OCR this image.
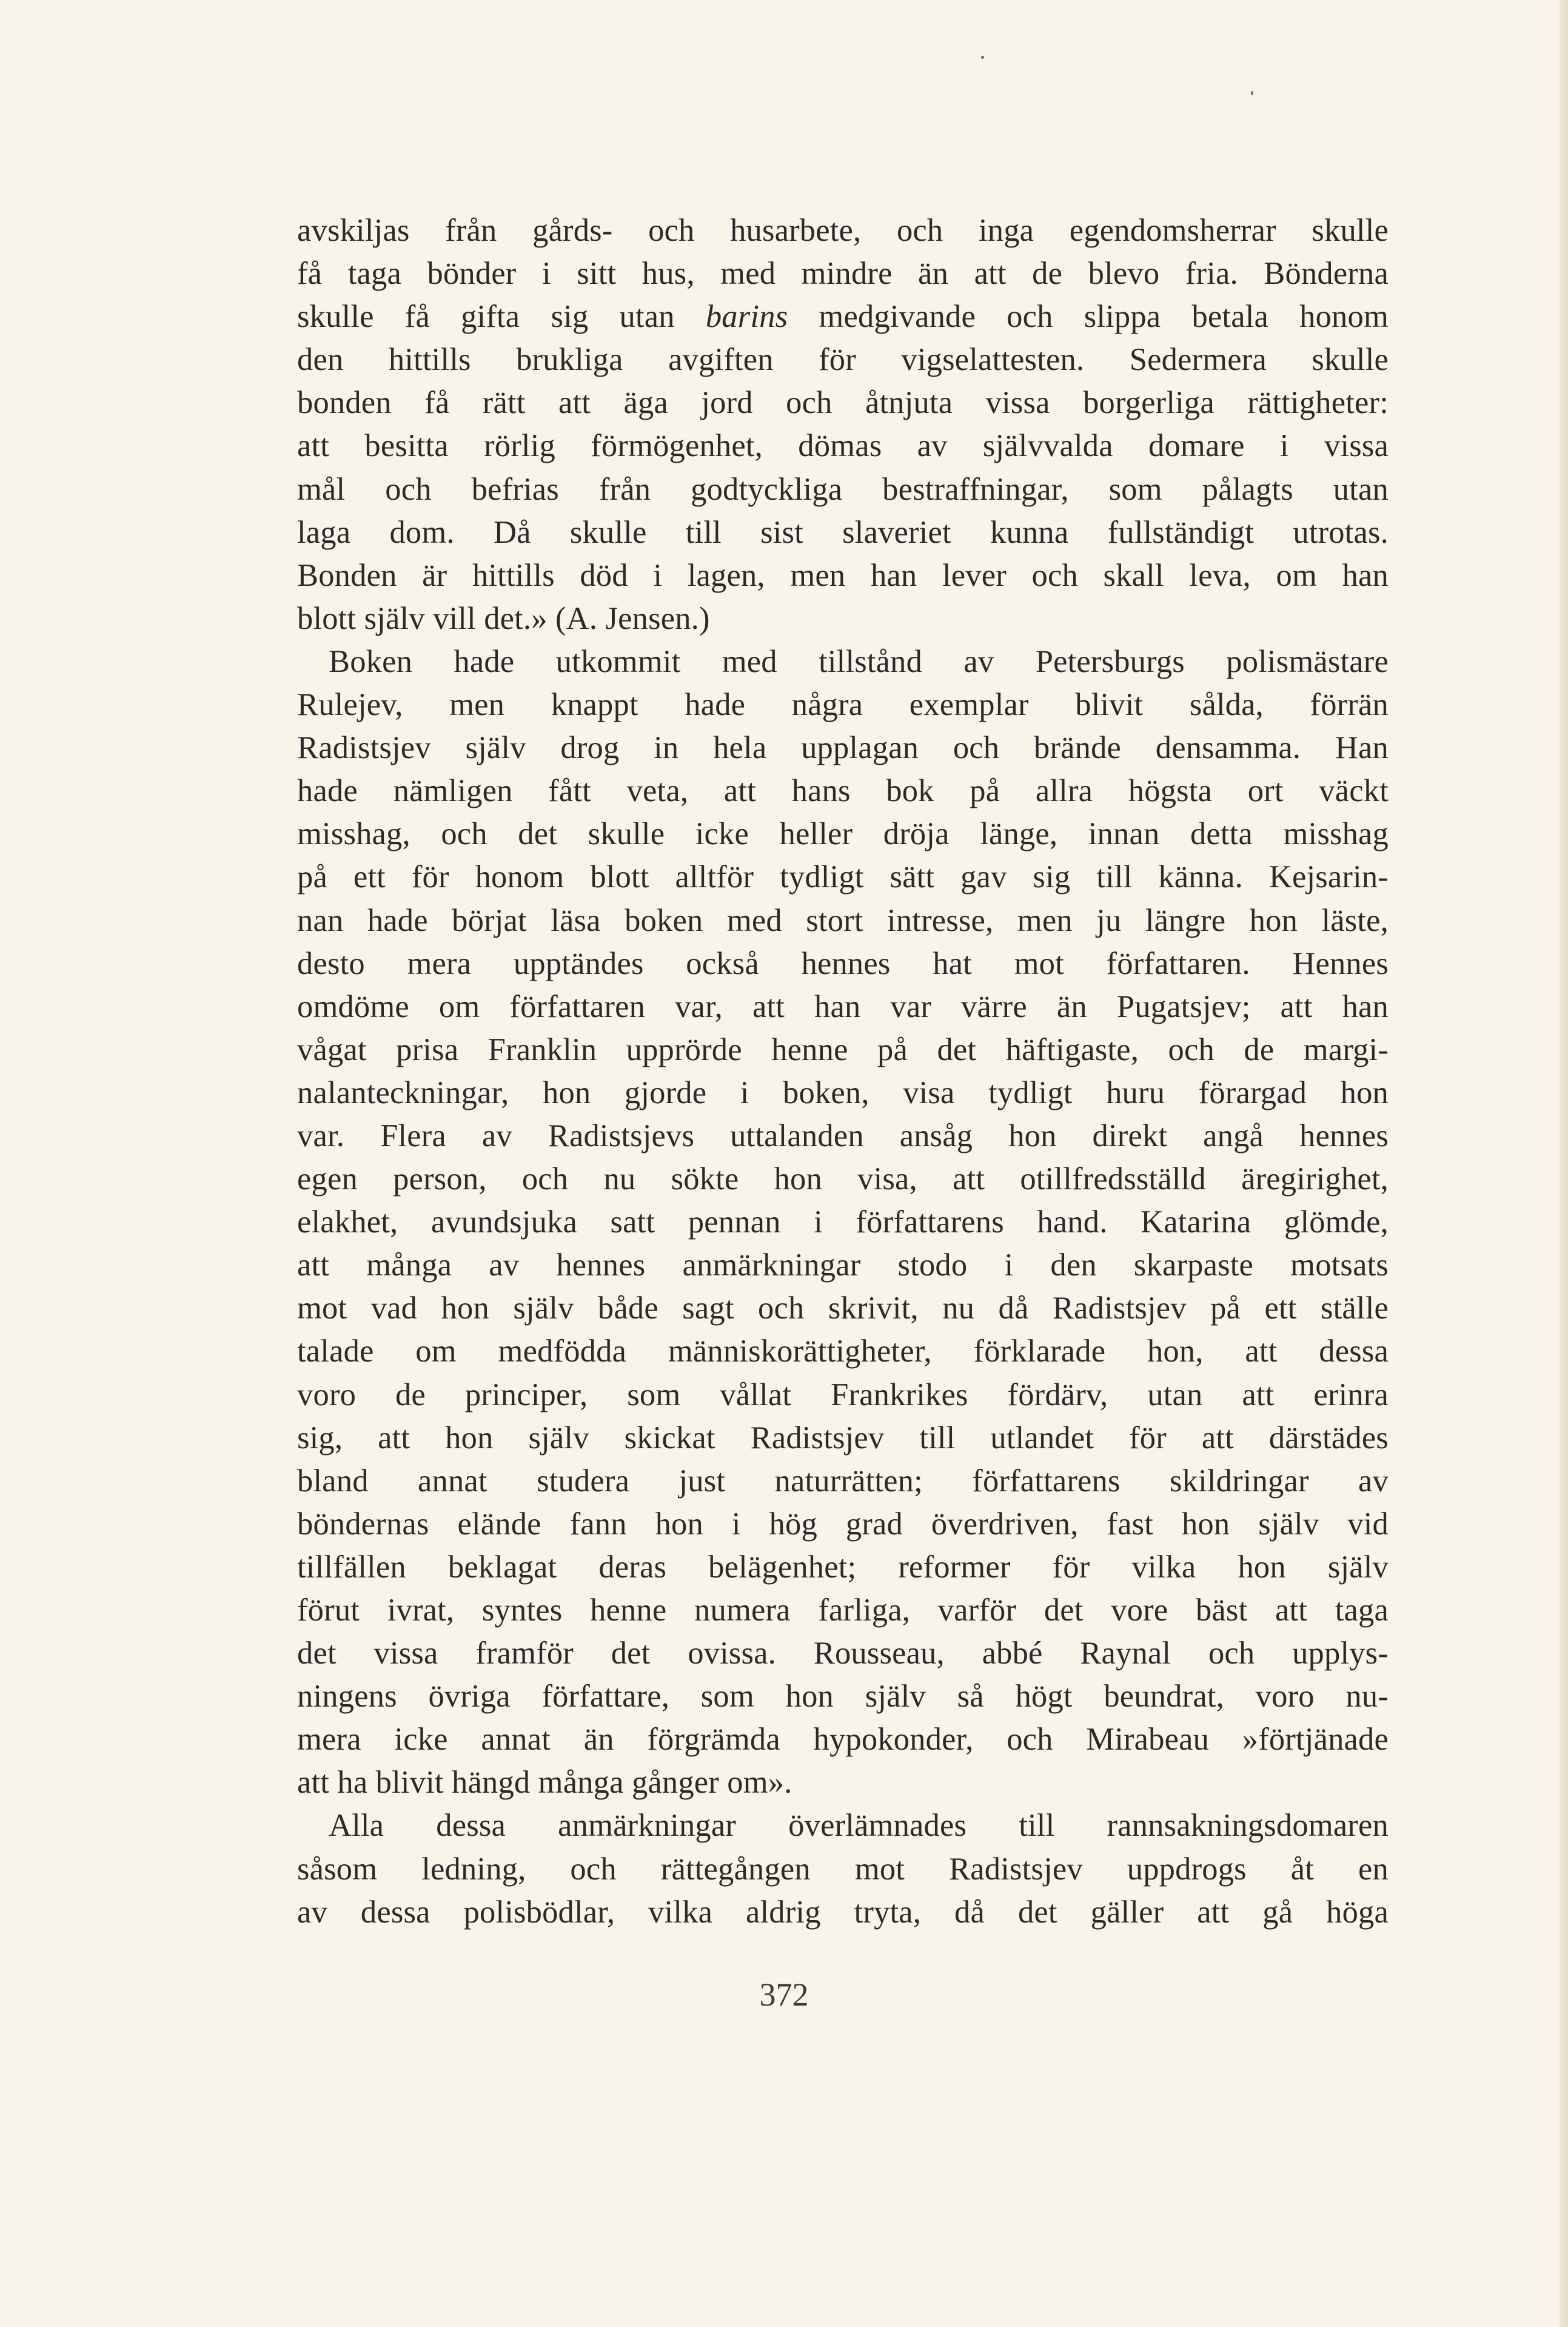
avskiljas från gårds- och husarbete, och inga egendomsherrar skulle
få taga bönder i sitt hus, med mindre än att de blevo fria. Bönderna
skulle få gifta sig utan barins medgivande och slippa betala honom
den hittills brukliga avgiften för vigselattesten. Sedermera skulle
bonden få rätt att äga jord och åtnjuta vissa borgerliga rättigheter:
att besitta rörlig förmögenhet, dömas av självvalda domare i vissa
mål och befrias från godtyckliga bestraffningar, som pålagts utan
laga dom. Då skulle till sist slaveriet kunna fullständigt utrotas.
Bonden är hittills död i lagen, men han lever och skall leva, om han
blott själv vill det.» (A. Jensen.)
Boken hade utkommit med tillstånd av Petersburgs polismästare
Rulejev, men knappt hade några exemplar blivit sålda, förrän
Radistsjev själv drog in hela upplagan och brände densamma. Han
hade nämligen fått veta, att hans bok på allra högsta ort väckt
misshag, och det skulle icke heller dröja länge, innan detta misshag
på ett för honom blott alltför tydligt sätt gav sig till känna. Kejsarin-
nan hade börjat läsa boken med stort intresse, men ju längre hon läste,
desto mera upptändes också hennes hat mot författaren. Hennes
omdöme om författaren var, att han var värre än Pugatsjev; att han
vågat prisa Franklin upprörde henne på det häftigaste, och de margi-
nalanteckningar, hon gjorde i boken, visa tydligt huru förargad hon
var. Flera av Radistsjevs uttalanden ansåg hon direkt angå hennes
egen person, och nu sökte hon visa, att otillfredsställd äregirighet,
elakhet, avundsjuka satt pennan i författarens hand. Katarina glömde,
att många av hennes anmärkningar stodo i den skarpaste motsats
mot vad hon själv både sagt och skrivit, nu då Radistsjev på ett ställe
talade om medfödda människorättigheter, förklarade hon, att dessa
voro de principer, som vållat Frankrikes fördärv, utan att erinra
sig, att hon själv skickat Radistsjev till utlandet för att därstädes
bland annat studera just naturrätten; författarens skildringar av
böndernas elände fann hon i hög grad överdriven, fast hon själv vid
tillfällen beklagat deras belägenhet; reformer för vilka hon själv
förut ivrat, syntes henne numera farliga, varför det vore bäst att taga
det vissa framför det ovissa. Rousseau, abbé Raynal och upplys-
ningens övriga författare, som hon själv så högt beundrat, voro nu-
mera icke annat än förgrämda hypokonder, och Mirabeau »förtjänade
att ha blivit hängd många gånger om».
Alla dessa anmärkningar överlämnades till rannsakningsdomaren
såsom ledning, och rättegången mot Radistsjev uppdrogs åt en
av dessa polisbödlar, vilka aldrig tryta, då det gäller att gå höga
372
